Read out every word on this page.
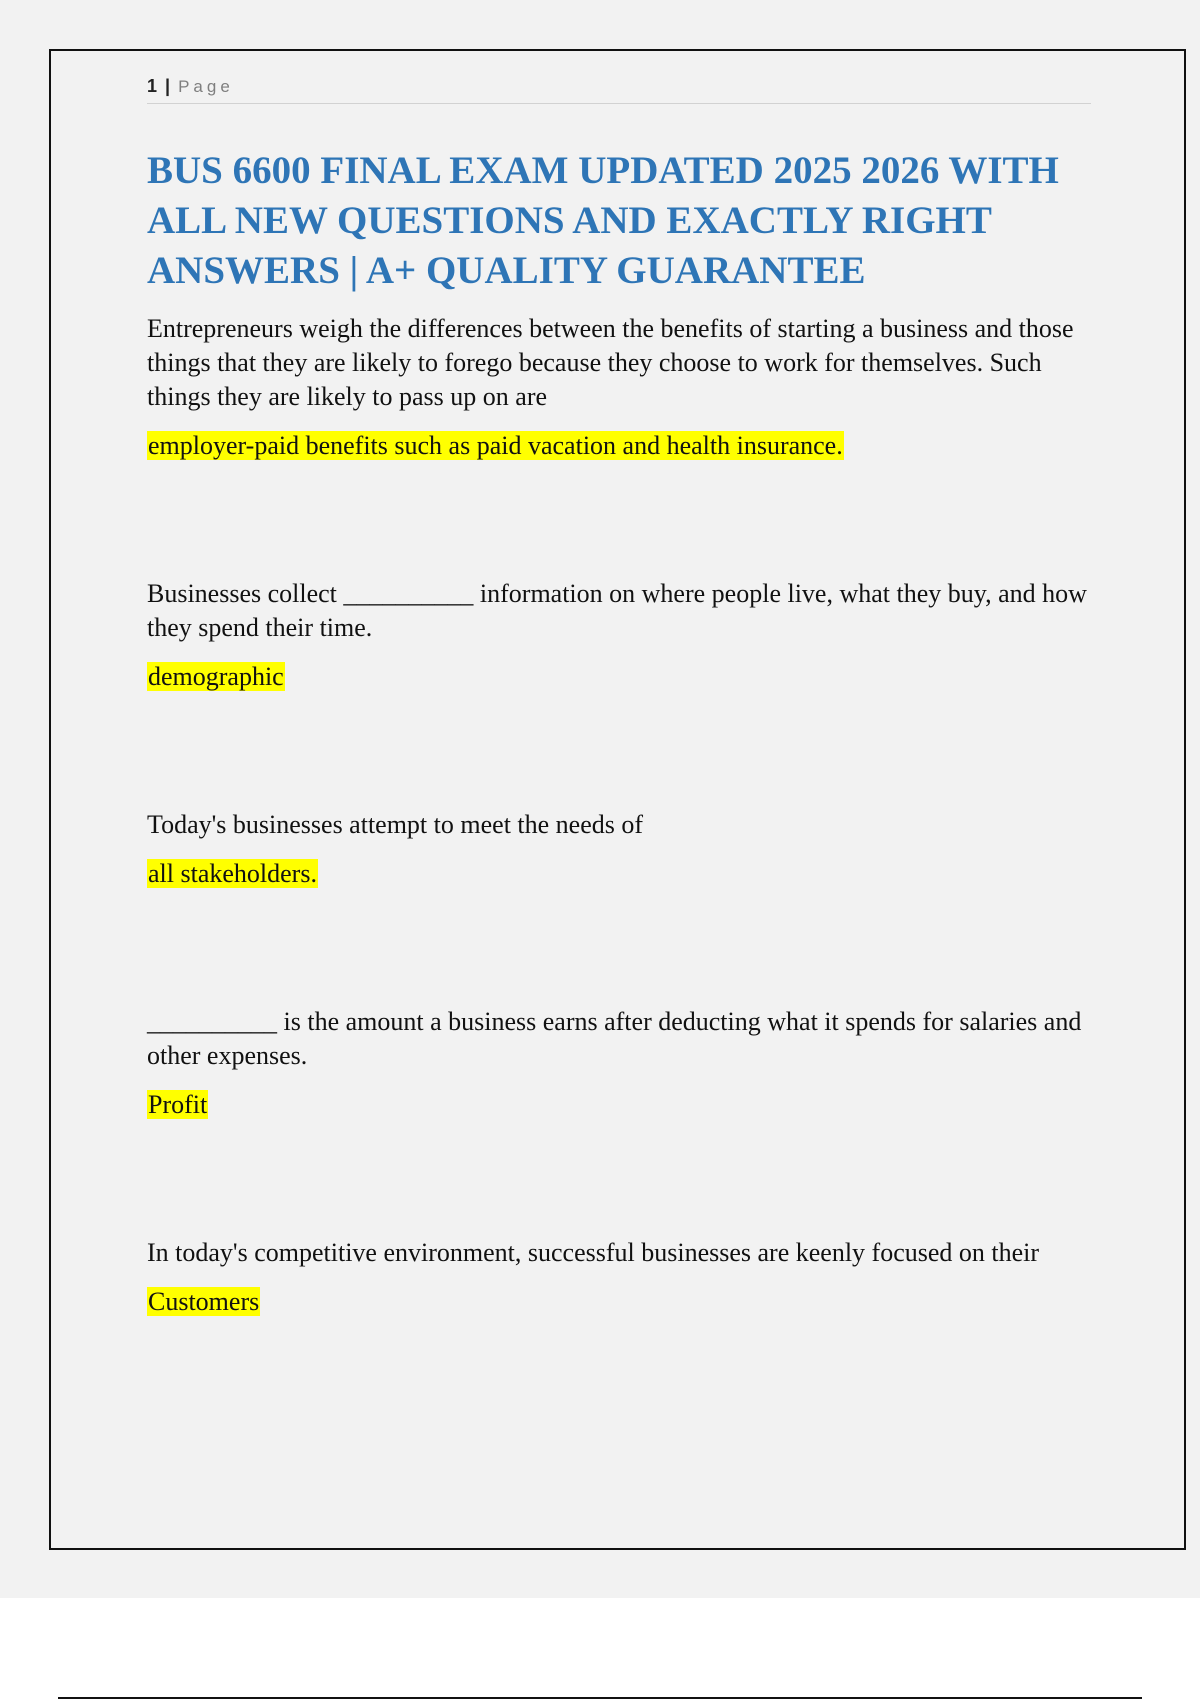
1 | Page
BUS 6600 FINAL EXAM UPDATED 2025 2026 WITH ALL NEW QUESTIONS AND EXACTLY RIGHT ANSWERS | A+ QUALITY GUARANTEE

Entrepreneurs weigh the differences between the benefits of starting a business and those things that they are likely to forego because they choose to work for themselves. Such things they are likely to pass up on are

employer-paid benefits such as paid vacation and health insurance.

Businesses collect __________ information on where people live, what they buy, and how they spend their time.

demographic

Today's businesses attempt to meet the needs of

all stakeholders.

__________ is the amount a business earns after deducting what it spends for salaries and other expenses.

Profit

In today's competitive environment, successful businesses are keenly focused on their

Customers
